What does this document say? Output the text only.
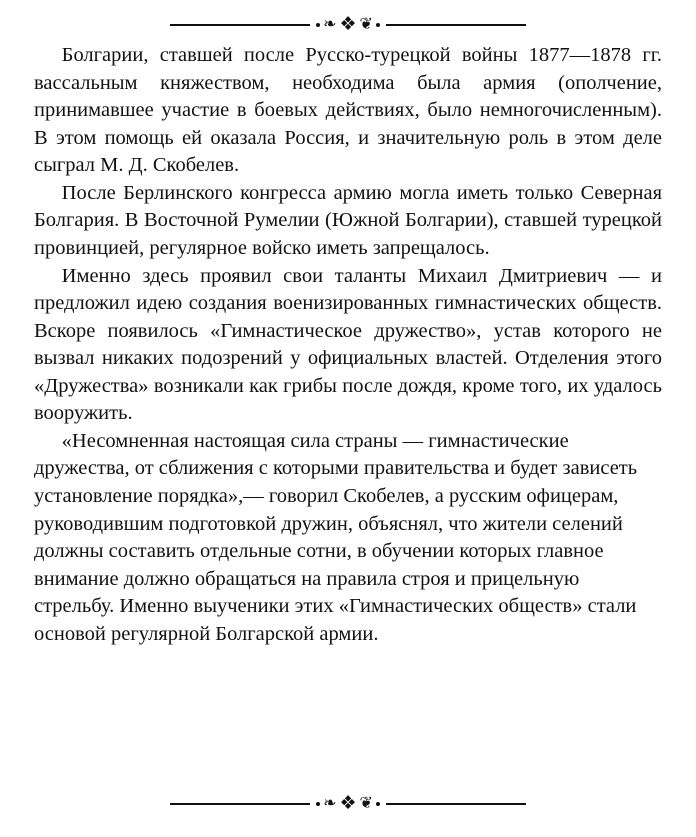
❧ ❖ ❦

Болгарии, ставшей после Русско-турецкой войны 1877—1878 гг. вассальным княжеством, необходима была армия (ополчение, принимавшее участие в боевых действиях, было немногочисленным). В этом помощь ей оказала Россия, и значительную роль в этом деле сыграл М. Д. Скобелев.

После Берлинского конгресса армию могла иметь только Северная Болгария. В Восточной Румелии (Южной Болгарии), ставшей турецкой провинцией, регулярное войско иметь запрещалось.

Именно здесь проявил свои таланты Михаил Дмитриевич — и предложил идею создания военизированных гимнастических обществ. Вскоре появилось «Гимнастическое дружество», устав которого не вызвал никаких подозрений у официальных властей. Отделения этого «Дружества» возникали как грибы после дождя, кроме того, их удалось вооружить.

«Несомненная настоящая сила страны — гимнастические дружества, от сближения с которыми правительства и будет зависеть установление порядка»,— говорил Скобелев, а русским офицерам, руководившим подготовкой дружин, объяснял, что жители селений должны составить отдельные сотни, в обучении которых главное внимание должно обращаться на правила строя и прицельную стрельбу. Именно выученики этих «Гимнастических обществ» стали основой регулярной Болгарской армии.

❧ ❖ ❦
